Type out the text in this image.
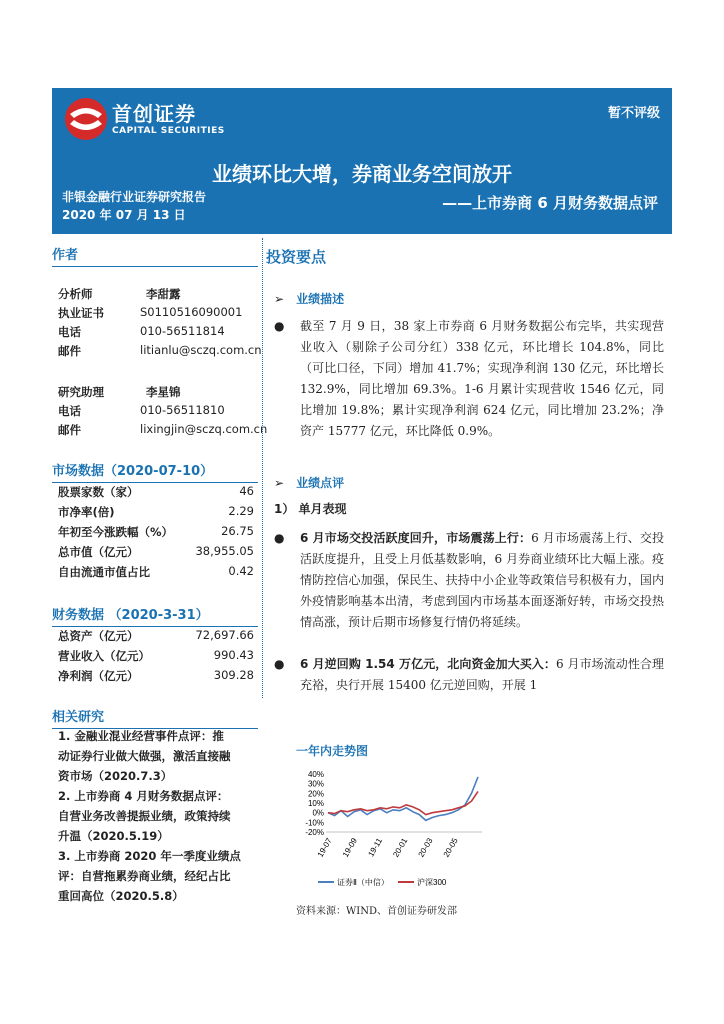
首创证券
CAPITAL SECURITIES
暂不评级
业绩环比大增，券商业务空间放开
非银金融行业证券研究报告
2020 年 07 月 13 日
——上市券商 6 月财务数据点评
作者
分析师	李甜露
执业证书	S0110516090001
电话	010-56511814
邮件	litianlu@sczq.com.cn
研究助理	李星锦
电话	010-56511810
邮件	lixingjin@sczq.com.cn
市场数据（2020-07-10）
股票家数（家）	46
市净率(倍)	2.29
年初至今涨跌幅（%）	26.75
总市值（亿元）	38,955.05
自由流通市值占比	0.42
财务数据 （2020-3-31）
总资产（亿元）	72,697.66
营业收入（亿元）	990.43
净利润（亿元）	309.28
相关研究
1. 金融业混业经营事件点评：推
动证券行业做大做强，激活直接融
资市场（2020.7.3）
2. 上市券商 4 月财务数据点评：
自营业务改善提振业绩，政策持续
升温（2020.5.19）
3. 上市券商 2020 年一季度业绩点
评：自营拖累券商业绩，经纪占比
重回高位（2020.5.8）
投资要点
➢ 业绩描述
● 截至 7 月 9 日，38 家上市券商 6 月财务数据公布完毕，共实现营业收入（剔除子公司分红）338 亿元，环比增长 104.8%，同比（可比口径，下同）增加 41.7%；实现净利润 130 亿元，环比增长 132.9%，同比增加 69.3%。1-6 月累计实现营收 1546 亿元，同比增加 19.8%；累计实现净利润 624 亿元，同比增加 23.2%；净资产 15777 亿元，环比降低 0.9%。
➢ 业绩点评
1） 单月表现
● 6 月市场交投活跃度回升，市场震荡上行：6 月市场震荡上行、交投活跃度提升，且受上月低基数影响，6 月券商业绩环比大幅上涨。疫情防控信心加强，保民生、扶持中小企业等政策信号积极有力，国内外疫情影响基本出清，考虑到国内市场基本面逐渐好转，市场交投热情高涨，预计后期市场修复行情仍将延续。
● 6 月逆回购 1.54 万亿元，北向资金加大买入：6 月市场流动性合理充裕，央行开展 15400 亿元逆回购，开展 1
一年内走势图
40%
30%
20%
10%
0%
-10%
-20%
19-07 19-09 19-11 20-01 20-03 20-05
证券Ⅱ（中信）	沪深300
资料来源：WIND、首创证券研发部
